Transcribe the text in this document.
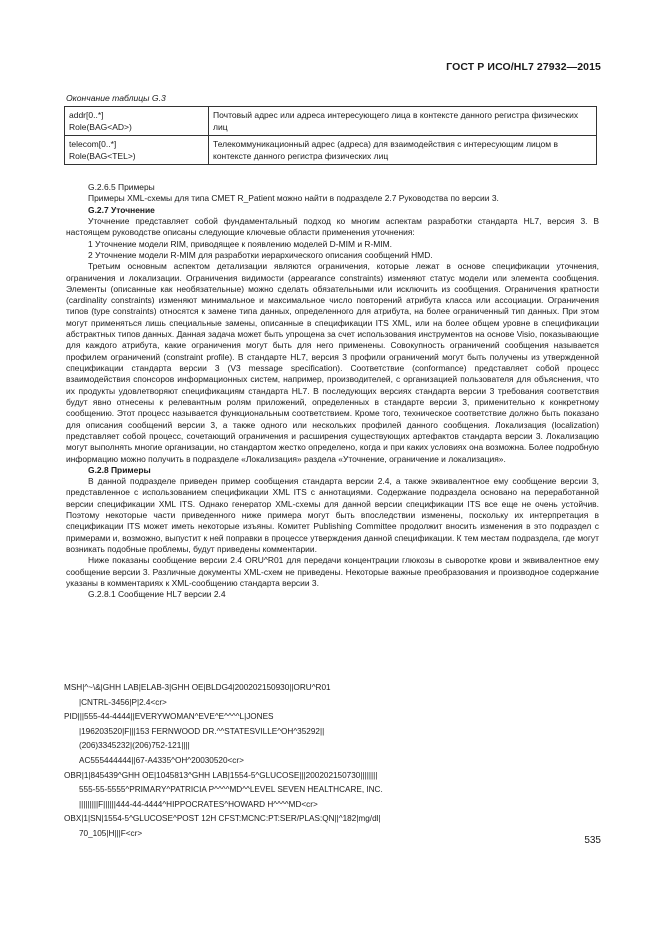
ГОСТ Р ИСО/HL7 27932—2015
Окончание таблицы G.3
addr[0..*]
Role(BAG<AD>)	Почтовый адрес или адреса интересующего лица в контексте данного регистра физических лиц

telecom[0..*]
Role(BAG<TEL>)	Телекоммуникационный адрес (адреса) для взаимодействия с интересующим лицом в контексте данного регистра физических лиц

G.2.6.5 Примеры

Примеры XML-схемы для типа CMET R_Patient можно найти в подразделе 2.7 Руководства по версии 3.

G.2.7 Уточнение

Уточнение представляет собой фундаментальный подход ко многим аспектам разработки стандарта HL7, версия 3. В настоящем руководстве описаны следующие ключевые области применения уточнения:

1 Уточнение модели RIM, приводящее к появлению моделей D-MIM и R-MIM.

2 Уточнение модели R-MIM для разработки иерархического описания сообщений HMD.

Третьим основным аспектом детализации являются ограничения, которые лежат в основе спецификации уточнения, ограничения и локализации. Ограничения видимости (appearance constraints) изменяют статус модели или элемента сообщения. Элементы (описанные как необязательные) можно сделать обязательными или исключить из сообщения. Ограничения кратности (cardinality constraints) изменяют минимальное и максимальное число повторений атрибута класса или ассоциации. Ограничения типов (type constraints) относятся к замене типа данных, определенного для атрибута, на более ограниченный тип данных. При этом могут применяться лишь специальные замены, описанные в спецификации ITS XML, или на более общем уровне в спецификации абстрактных типов данных. Данная задача может быть упрощена за счет использования инструментов на основе Visio, показывающие для каждого атрибута, какие ограничения могут быть для него применены. Совокупность ограничений сообщения называется профилем ограничений (constraint profile). В стандарте HL7, версия 3 профили ограничений могут быть получены из утвержденной спецификации стандарта версии 3 (V3 message specification). Соответствие (conformance) представляет собой процесс взаимодействия спонсоров информационных систем, например, производителей, с организацией пользователя для объяснения, что их продукты удовлетворяют спецификациям стандарта HL7. В последующих версиях стандарта версии 3 требования соответствия будут явно отнесены к релевантным ролям приложений, определенных в стандарте версии 3, применительно к конкретному сообщению. Этот процесс называется функциональным соответствием. Кроме того, техническое соответствие должно быть показано для описания сообщений версии 3, а также одного или нескольких профилей данного сообщения. Локализация (localization) представляет собой процесс, сочетающий ограничения и расширения существующих артефактов стандарта версии 3. Локализацию могут выполнять многие организации, но стандартом жестко определено, когда и при каких условиях она возможна. Более подробную информацию можно получить в подразделе «Локализация» раздела «Уточнение, ограничение и локализация».

G.2.8 Примеры

В данной подразделе приведен пример сообщения стандарта версии 2.4, а также эквивалентное ему сообщение версии 3, представленное с использованием спецификации XML ITS с аннотациями. Содержание подраздела основано на переработанной версии спецификации XML ITS. Однако генератор XML-схемы для данной версии спецификации ITS все еще не очень устойчив. Поэтому некоторые части приведенного ниже примера могут быть впоследствии изменены, поскольку их интерпретация в спецификации ITS может иметь некоторые изъяны. Комитет Publishing Committee продолжит вносить изменения в это подраздел с примерами и, возможно, выпустит к ней поправки в процессе утверждения данной спецификации. К тем местам подраздела, где могут возникать подобные проблемы, будут приведены комментарии.

Ниже показаны сообщение версии 2.4 ORU^R01 для передачи концентрации глюкозы в сыворотке крови и эквивалентное ему сообщение версии 3. Различные документы XML-схем не приведены. Некоторые важные преобразования и производное содержание указаны в комментариях к XML-сообщению стандарта версии 3.

G.2.8.1 Сообщение HL7 версии 2.4

MSH|^~\&|GHH LAB|ELAB-3|GHH OE|BLDG4|200202150930||ORU^R01
|CNTRL-3456|P|2.4<cr>
PID|||555-44-4444||EVERYWOMAN^EVE^E^^^^L|JONES
|196203520|F|||153 FERNWOOD DR.^^STATESVILLE^OH^35292||
(206)3345232|(206)752-121||||
AC555444444||67-A4335^OH^20030520<cr>
OBR|1|845439^GHH OE|1045813^GHH LAB|1554-5^GLUCOSE|||200202150730||||||||
555-55-5555^PRIMARY^PATRICIA P^^^^MD^^LEVEL SEVEN HEALTHCARE, INC.
|||||||||F||||||444-44-4444^HIPPOCRATES^HOWARD H^^^^MD<cr>
OBX|1|SN|1554-5^GLUCOSE^POST 12H CFST:MCNC:PT:SER/PLAS:QN||^182|mg/dl|
70_105|H|||F<cr>
535
